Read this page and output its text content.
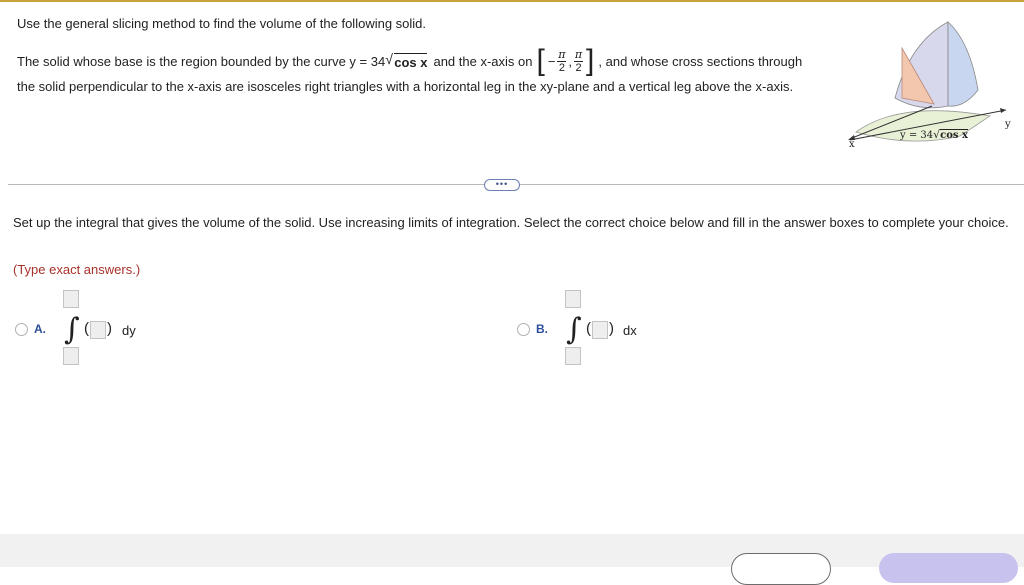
Use the general slicing method to find the volume of the following solid.
The solid whose base is the region bounded by the curve y = 34 √ cos x and the x-axis on [ − π
2 , π
2 ] , and whose cross sections through
the solid perpendicular to the x-axis are isosceles right triangles with a horizontal leg in the xy-plane and a vertical leg above the x-axis.
x
y
y = 34√cos x
•••
Set up the integral that gives the volume of the solid. Use increasing limits of integration. Select the correct choice below and fill in the answer boxes to complete your choice.
(Type exact answers.)
A. ∫ ( ) dy	B. ∫ ( ) dx
